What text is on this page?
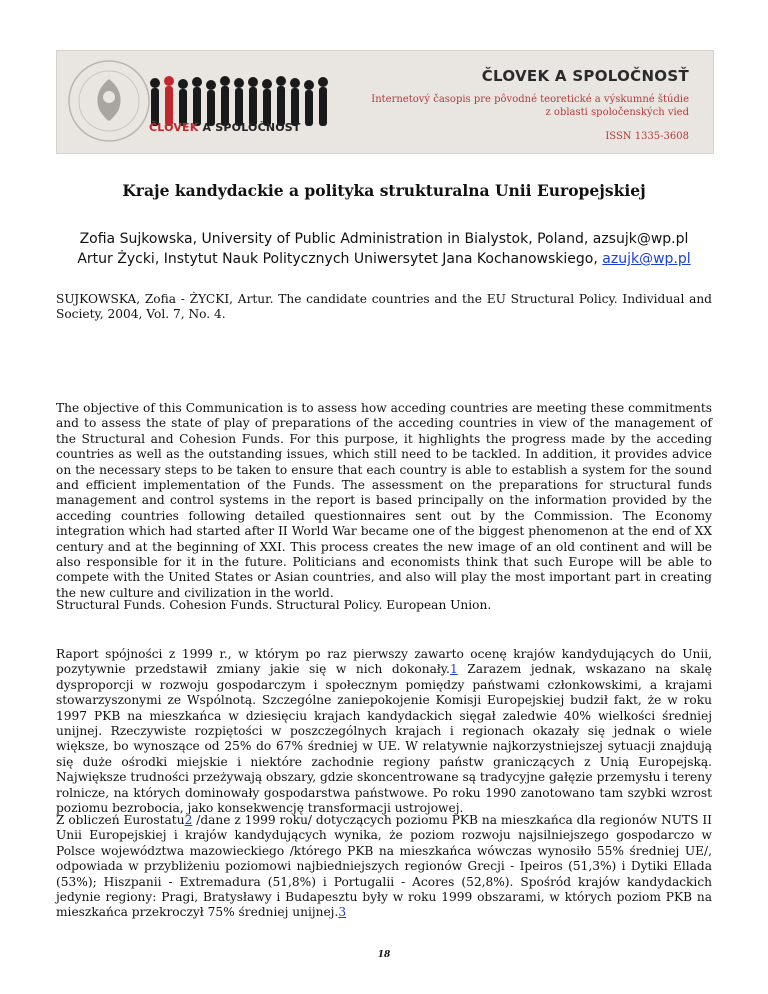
ČLOVEK A SPOLOČNOSŤ
ČLOVEK A SPOLOČNOSŤ
Internetový časopis pre pôvodné teoretické a výskumné štúdie z oblasti spoločenských vied
ISSN 1335-3608
Kraje kandydackie a polityka strukturalna Unii Europejskiej
Zofia Sujkowska, University of Public Administration in Bialystok, Poland, azsujk@wp.pl
Artur Życki, Instytut Nauk Politycznych Uniwersytet Jana Kochanowskiego, azujk@wp.pl
SUJKOWSKA, Zofia - ŻYCKI, Artur. The candidate countries and the EU Structural Policy. Individual and Society, 2004, Vol. 7, No. 4.
The objective of this Communication is to assess how acceding countries are meeting these commitments and to assess the state of play of preparations of the acceding countries in view of the management of the Structural and Cohesion Funds. For this purpose, it highlights the progress made by the acceding countries as well as the outstanding issues, which still need to be tackled. In addition, it provides advice on the necessary steps to be taken to ensure that each country is able to establish a system for the sound and efficient implementation of the Funds. The assessment on the preparations for structural funds management and control systems in the report is based principally on the information provided by the acceding countries following detailed questionnaires sent out by the Commission. The Economy integration which had started after II World War became one of the biggest phenomenon at the end of XX century and at the beginning of XXI. This process creates the new image of an old continent and will be also responsible for it in the future. Politicians and economists think that such Europe will be able to compete with the United States or Asian countries, and also will play the most important part in creating the new culture and civilization in the world.
Structural Funds. Cohesion Funds. Structural Policy. European Union.
Raport spójności z 1999 r., w którym po raz pierwszy zawarto ocenę krajów kandydujących do Unii, pozytywnie przedstawił zmiany jakie się w nich dokonały.1 Zarazem jednak, wskazano na skalę dysproporcji w rozwoju gospodarczym i społecznym pomiędzy państwami członkowskimi, a krajami stowarzyszonymi ze Wspólnotą. Szczególne zaniepokojenie Komisji Europejskiej budził fakt, że w roku 1997 PKB na mieszkańca w dziesięciu krajach kandydackich sięgał zaledwie 40% wielkości średniej unijnej. Rzeczywiste rozpiętości w poszczególnych krajach i regionach okazały się jednak o wiele większe, bo wynoszące od 25% do 67% średniej w UE. W relatywnie najkorzystniejszej sytuacji znajdują się duże ośrodki miejskie i niektóre zachodnie regiony państw graniczących z Unią Europejską. Największe trudności przeżywają obszary, gdzie skoncentrowane są tradycyjne gałęzie przemysłu i tereny rolnicze, na których dominowały gospodarstwa państwowe. Po roku 1990 zanotowano tam szybki wzrost poziomu bezrobocia, jako konsekwencję transformacji ustrojowej.
Z obliczeń Eurostatu2 /dane z 1999 roku/ dotyczących poziomu PKB na mieszkańca dla regionów NUTS II Unii Europejskiej i krajów kandydujących wynika, że poziom rozwoju najsilniejszego gospodarczo w Polsce województwa mazowieckiego /którego PKB na mieszkańca wówczas wynosiło 55% średniej UE/, odpowiada w przybliżeniu poziomowi najbiedniejszych regionów Grecji - Ipeiros (51,3%) i Dytiki Ellada (53%); Hiszpanii - Extremadura (51,8%) i Portugalii - Acores (52,8%). Spośród krajów kandydackich jedynie regiony: Pragi, Bratysławy i Budapesztu były w roku 1999 obszarami, w których poziom PKB na mieszkańca przekroczył 75% średniej unijnej.3
18
